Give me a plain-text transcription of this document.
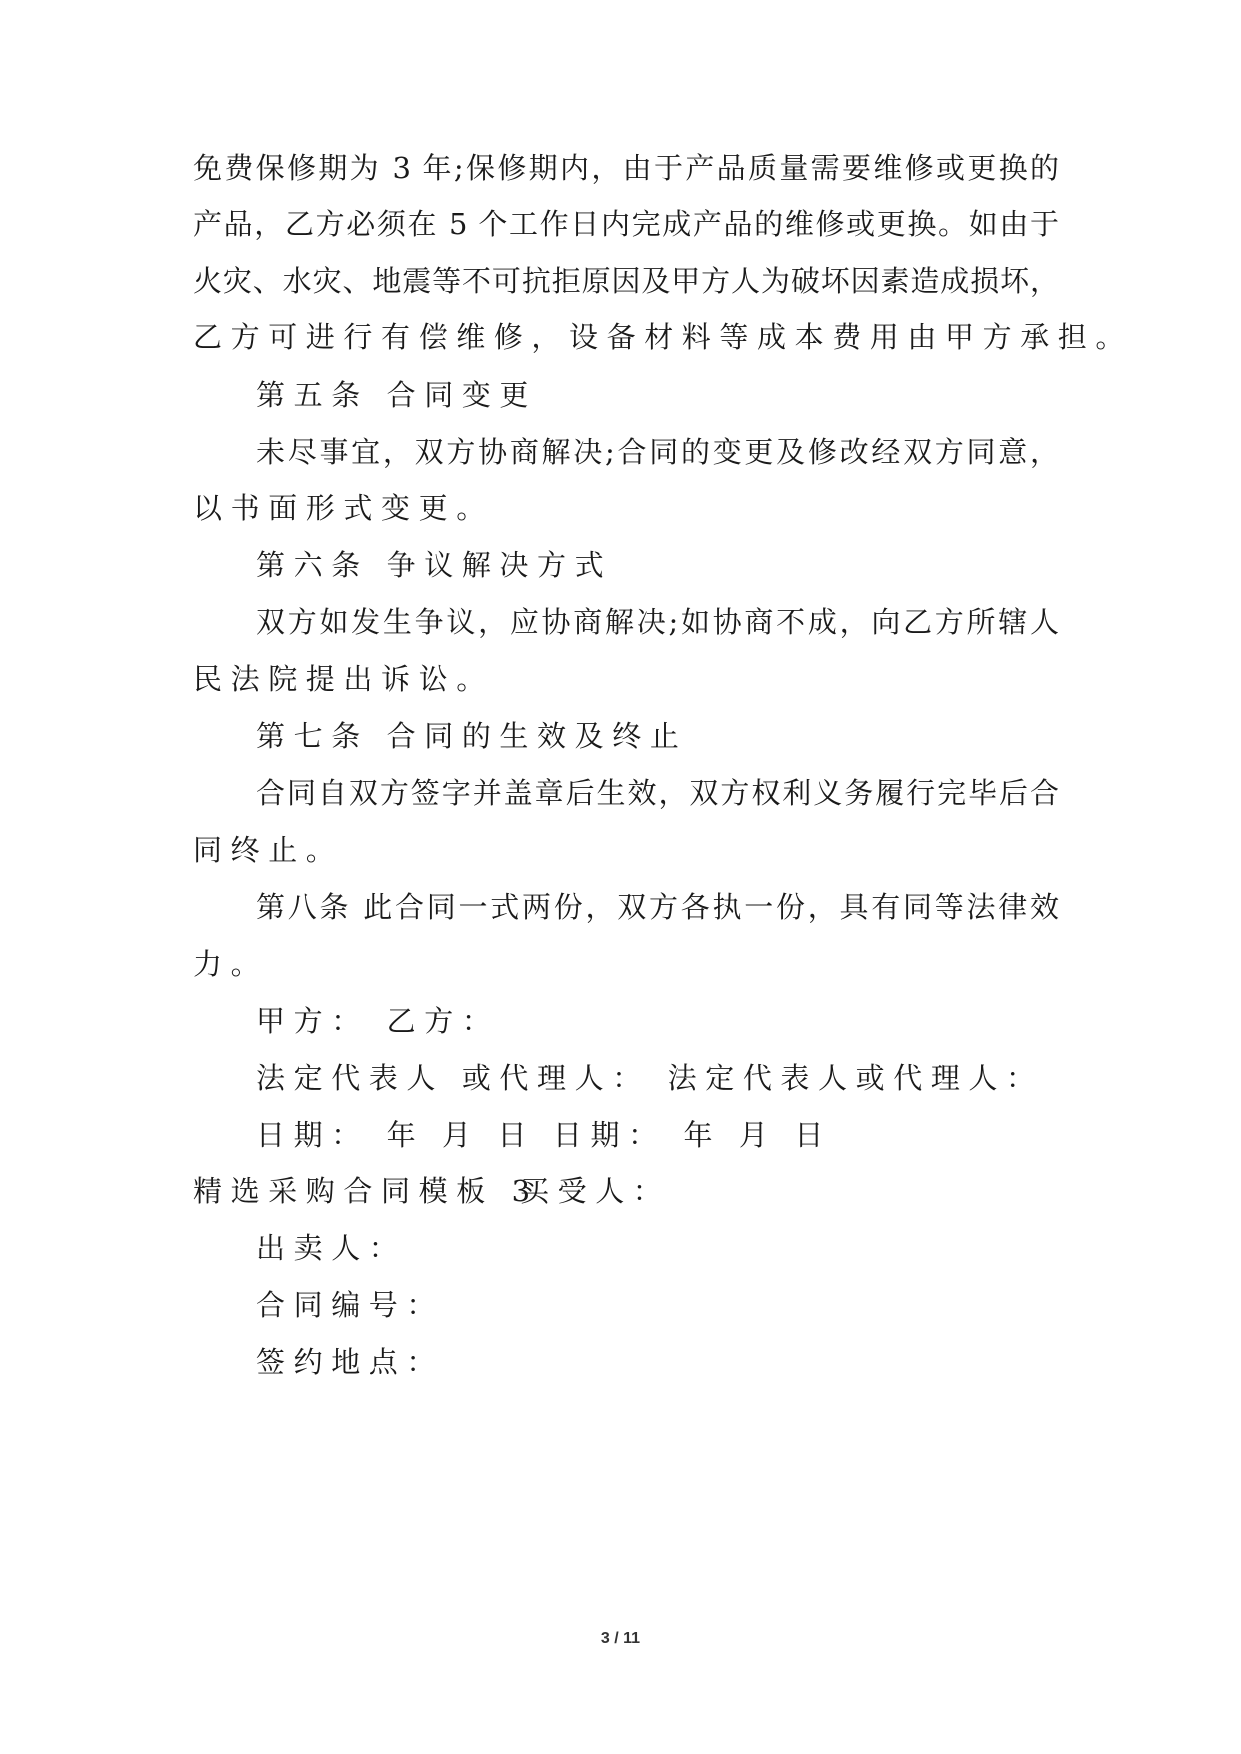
免费保修期为 3 年;保修期内，由于产品质量需要维修或更换的
产品，乙方必须在 5 个工作日内完成产品的维修或更换。如由于
火灾、水灾、地震等不可抗拒原因及甲方人为破坏因素造成损坏，
乙方可进行有偿维修，设备材料等成本费用由甲方承担。
第五条 合同变更
未尽事宜，双方协商解决;合同的变更及修改经双方同意，
以书面形式变更。
第六条 争议解决方式
双方如发生争议，应协商解决;如协商不成，向乙方所辖人
民法院提出诉讼。
第七条 合同的生效及终止
合同自双方签字并盖章后生效，双方权利义务履行完毕后合
同终止。
第八条 此合同一式两份，双方各执一份，具有同等法律效
力。
甲方： 乙方：
法定代表人 或代理人： 法定代表人或代理人：
日期： 年 月 日 日期： 年 月 日
精选采购合同模板 3
买受人：
出卖人：
合同编号：
签约地点：
3 / 11
